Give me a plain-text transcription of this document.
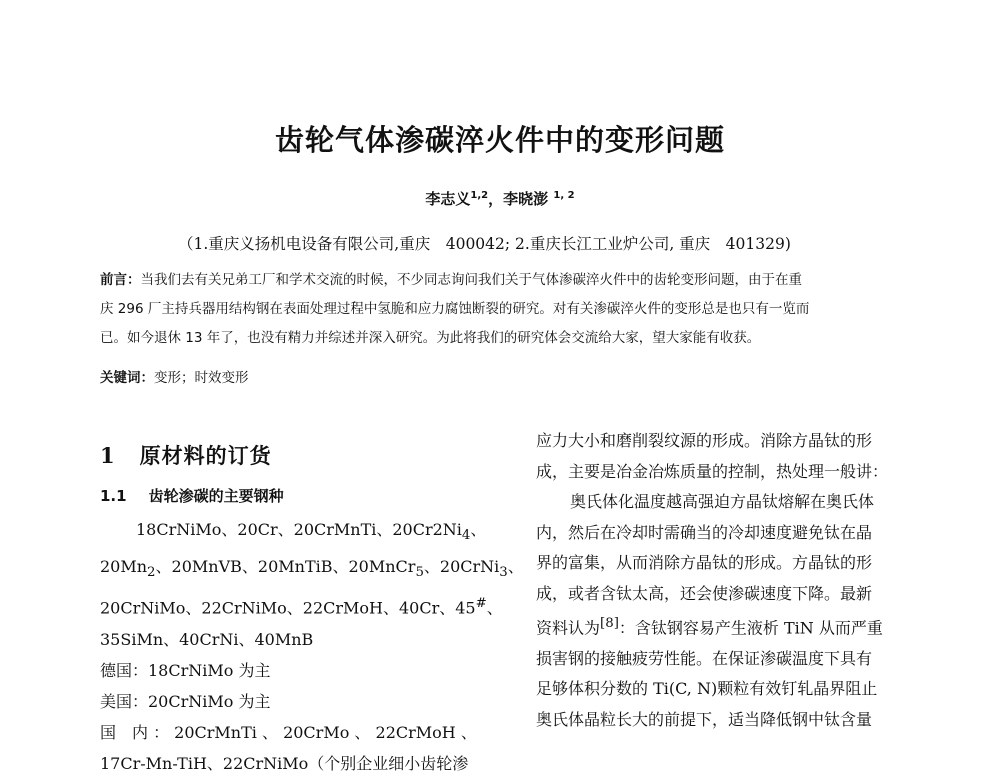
齿轮气体渗碳淬火件中的变形问题
李志义$^{1,2}$，李晓澎 $^{1, 2}$
（1.重庆义扬机电设备有限公司,重庆　400042; 2.重庆长江工业炉公司, 重庆　401329)
前言：当我们去有关兄弟工厂和学术交流的时候，不少同志询问我们关于气体渗碳淬火件中的齿轮变形问题，由于在重
庆 296 厂主持兵器用结构钢在表面处理过程中氢脆和应力腐蚀断裂的研究。对有关渗碳淬火件的变形总是也只有一览而
已。如今退休 13 年了，也没有精力并综述并深入研究。为此将我们的研究体会交流给大家，望大家能有收获。
关键词：变形；时效变形
1 原材料的订货
1.1 齿轮渗碳的主要钢种
18CrNiMo、20Cr、20CrMnTi、$20Cr2Ni_4$、
$20Mn_2$、20MnVB、20MnTiB、20MnCr$_5$、20CrNi$_3$、
20CrNiMo、22CrNiMo、22CrMoH、40Cr、45#、
35SiMn、40CrNi、40MnB
德国：18CrNiMo 为主
美国：20CrNiMo 为主
国　内 ： 20CrMnTi 、 20CrMo 、 22CrMoH 、
17Cr-Mn-TiH、22CrNiMo（个别企业细小齿轮渗
应力大小和磨削裂纹源的形成。消除方晶钛的形
成，主要是冶金冶炼质量的控制，热处理一般讲：
奥氏体化温度越高强迫方晶钛熔解在奥氏体
内，然后在冷却时需确当的冷却速度避免钛在晶
界的富集，从而消除方晶钛的形成。方晶钛的形
成，或者含钛太高，还会使渗碳速度下降。最新
资料认为[8]：含钛钢容易产生液析 TiN 从而严重
损害钢的接触疲劳性能。在保证渗碳温度下具有
足够体积分数的 Ti(C, N)颗粒有效钉轧晶界阻止
奥氏体晶粒长大的前提下，适当降低钢中钛含量
